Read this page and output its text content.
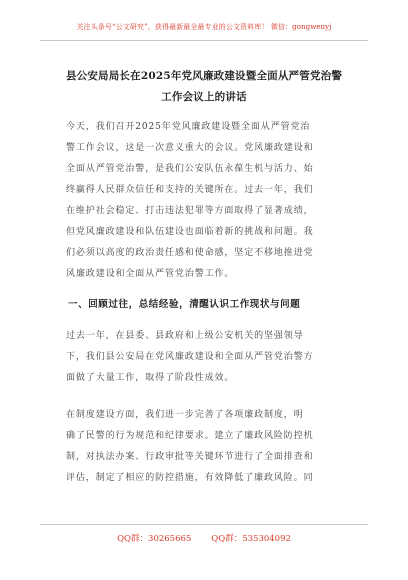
关注头条号“公文研究”，获得最新最全最专业的公文资料库！ 微信：gongwenyj
县公安局局长在2025年党风廉政建设暨全面从严管党治警
工作会议上的讲话
今天，我们召开2025年党风廉政建设暨全面从严管党治
警工作会议，这是一次意义重大的会议。党风廉政建设和
全面从严管党治警，是我们公安队伍永葆生机与活力、始
终赢得人民群众信任和支持的关键所在。过去一年，我们
在维护社会稳定、打击违法犯罪等方面取得了显著成绩，
但党风廉政建设和队伍建设也面临着新的挑战和问题。我
们必须以高度的政治责任感和使命感，坚定不移地推进党
风廉政建设和全面从严管党治警工作。
一、回顾过往，总结经验，清醒认识工作现状与问题
过去一年，在县委、县政府和上级公安机关的坚强领导
下，我们县公安局在党风廉政建设和全面从严管党治警方
面做了大量工作，取得了阶段性成效。
在制度建设方面，我们进一步完善了各项廉政制度，明
确了民警的行为规范和纪律要求。建立了廉政风险防控机
制，对执法办案、行政审批等关键环节进行了全面排查和
评估，制定了相应的防控措施，有效降低了廉政风险。同
QQ群：30265665 QQ群：535304092
